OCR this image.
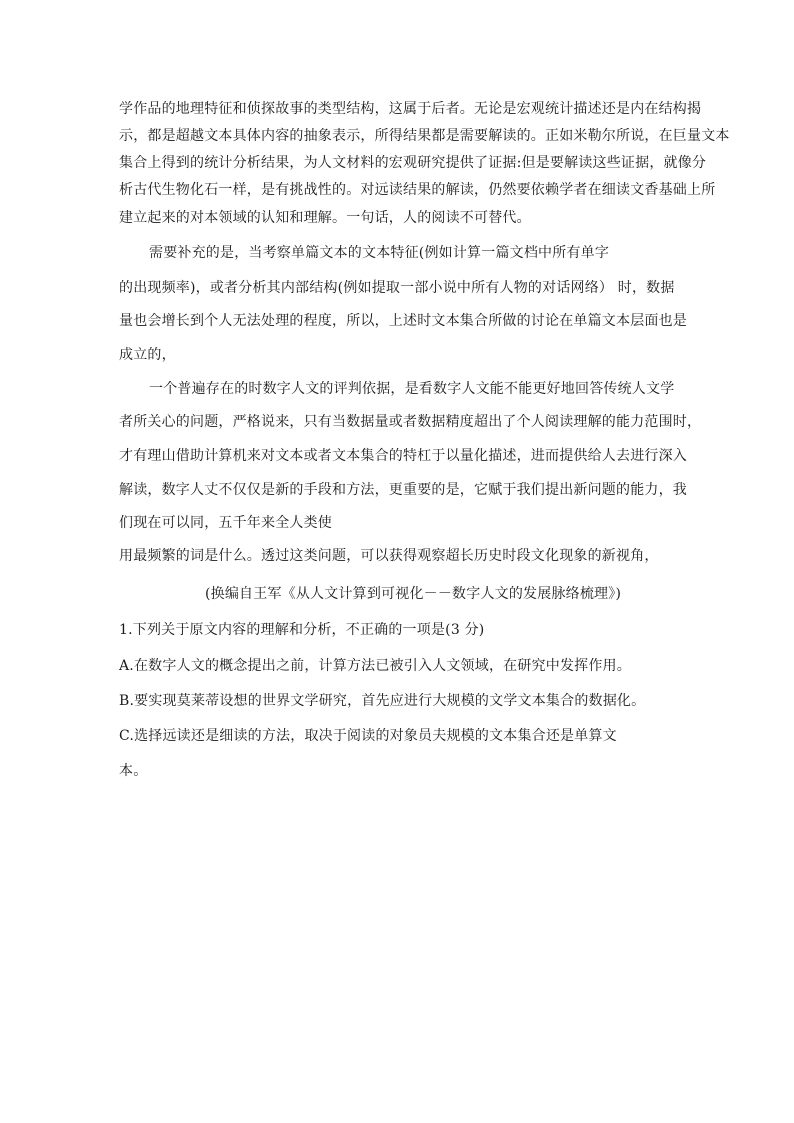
学作品的地理特征和侦探故事的类型结构，这属于后者。无论是宏观统计描述还是内在结构揭
示，都是超越文本具体内容的抽象表示，所得结果都是需要解读的。正如米勒尔所说，在巨量文本
集合上得到的统计分析结果，为人文材料的宏观研究提供了证据:但是要解读这些证据，就像分
析古代生物化石一样，是有挑战性的。对远读结果的解读，仍然要依赖学者在细读文香基础上所
建立起来的对本领域的认知和理解。一句话，人的阅读不可替代。
需要补充的是，当考察单篇文本的文本特征(例如计算一篇文档中所有单字
的出现频率)，或者分析其内部结构(例如提取一部小说中所有人物的对话网络） 时，数据
量也会增长到个人无法处理的程度，所以，上述时文本集合所做的讨论在单篇文本层面也是
成立的，
一个普遍存在的时数字人文的评判依据，是看数字人文能不能更好地回答传统人文学
者所关心的问题，严格说来，只有当数据量或者数据精度超出了个人阅读理解的能力范围时，
才有理山借助计算机来对文本或者文本集合的特杠于以量化描述，进而提供给人去进行深入
解读，数字人丈不仅仅是新的手段和方法，更重要的是，它赋于我们提出新问题的能力，我
们现在可以同，五千年来全人类使
用最频繁的词是什么。透过这类问题，可以获得观察超长历史时段文化现象的新视角，
(换编自王军《从人文计算到可视化－－数字人文的发展脉络梳理》)
1.下列关于原文内容的理解和分析，不正确的一项是(3 分)
A.在数字人文的概念提出之前，计算方法已被引入人文领域，在研究中发挥作用。
B.要实现莫莱蒂设想的世界文学研究，首先应进行大规模的文学文本集合的数据化。
C.选择远读还是细读的方法，取决于阅读的对象员夫规模的文本集合还是单算文
本。
